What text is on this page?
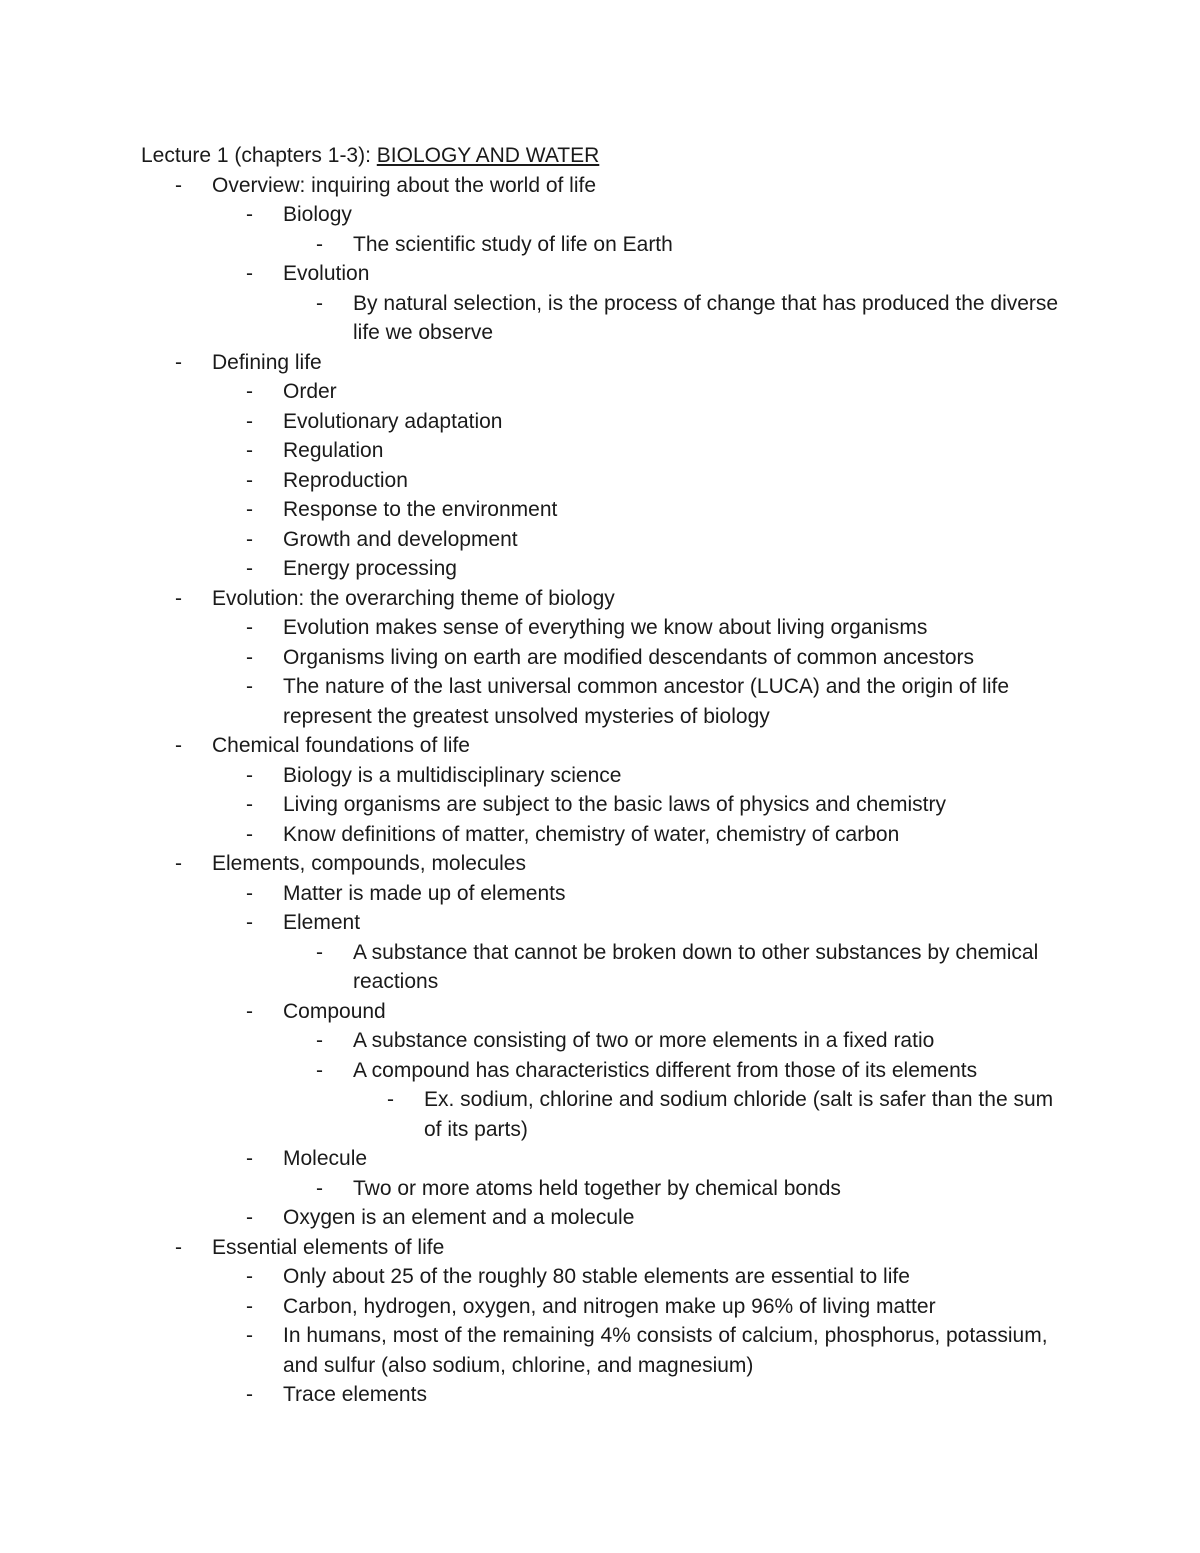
Lecture 1 (chapters 1-3): BIOLOGY AND WATER
-	Overview: inquiring about the world of life
-	Biology
-	The scientific study of life on Earth
-	Evolution
-	By natural selection, is the process of change that has produced the diverse life we observe
-	Defining life
-	Order
-	Evolutionary adaptation
-	Regulation
-	Reproduction
-	Response to the environment
-	Growth and development
-	Energy processing
-	Evolution: the overarching theme of biology
-	Evolution makes sense of everything we know about living organisms
-	Organisms living on earth are modified descendants of common ancestors
-	The nature of the last universal common ancestor (LUCA) and the origin of life represent the greatest unsolved mysteries of biology
-	Chemical foundations of life
-	Biology is a multidisciplinary science
-	Living organisms are subject to the basic laws of physics and chemistry
-	Know definitions of matter, chemistry of water, chemistry of carbon
-	Elements, compounds, molecules
-	Matter is made up of elements
-	Element
-	A substance that cannot be broken down to other substances by chemical reactions
-	Compound
-	A substance consisting of two or more elements in a fixed ratio
-	A compound has characteristics different from those of its elements
-	Ex. sodium, chlorine and sodium chloride (salt is safer than the sum of its parts)
-	Molecule
-	Two or more atoms held together by chemical bonds
-	Oxygen is an element and a molecule
-	Essential elements of life
-	Only about 25 of the roughly 80 stable elements are essential to life
-	Carbon, hydrogen, oxygen, and nitrogen make up 96% of living matter
-	In humans, most of the remaining 4% consists of calcium, phosphorus, potassium, and sulfur (also sodium, chlorine, and magnesium)
-	Trace elements
